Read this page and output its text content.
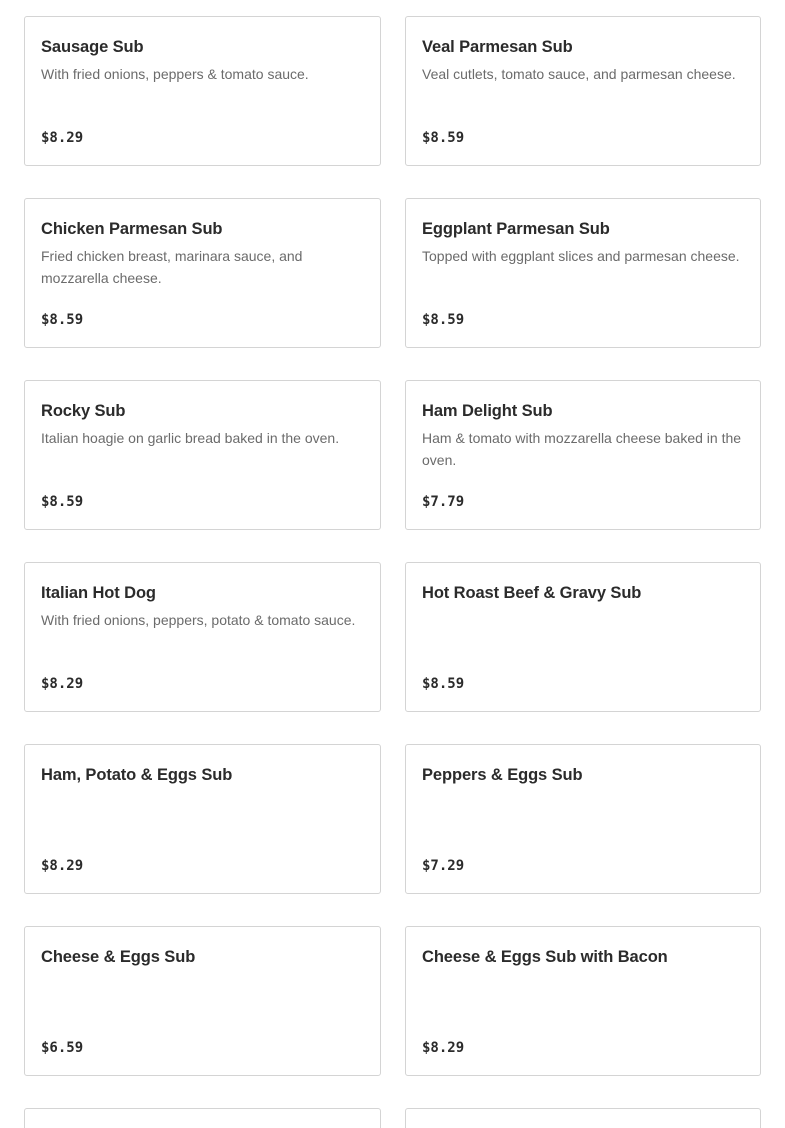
Sausage Sub
With fried onions, peppers & tomato sauce.
$8.29
Veal Parmesan Sub
Veal cutlets, tomato sauce, and parmesan cheese.
$8.59
Chicken Parmesan Sub
Fried chicken breast, marinara sauce, and mozzarella cheese.
$8.59
Eggplant Parmesan Sub
Topped with eggplant slices and parmesan cheese.
$8.59
Rocky Sub
Italian hoagie on garlic bread baked in the oven.
$8.59
Ham Delight Sub
Ham & tomato with mozzarella cheese baked in the oven.
$7.79
Italian Hot Dog
With fried onions, peppers, potato & tomato sauce.
$8.29
Hot Roast Beef & Gravy Sub
$8.59
Ham, Potato & Eggs Sub
$8.29
Peppers & Eggs Sub
$7.29
Cheese & Eggs Sub
$6.59
Cheese & Eggs Sub with Bacon
$8.29
